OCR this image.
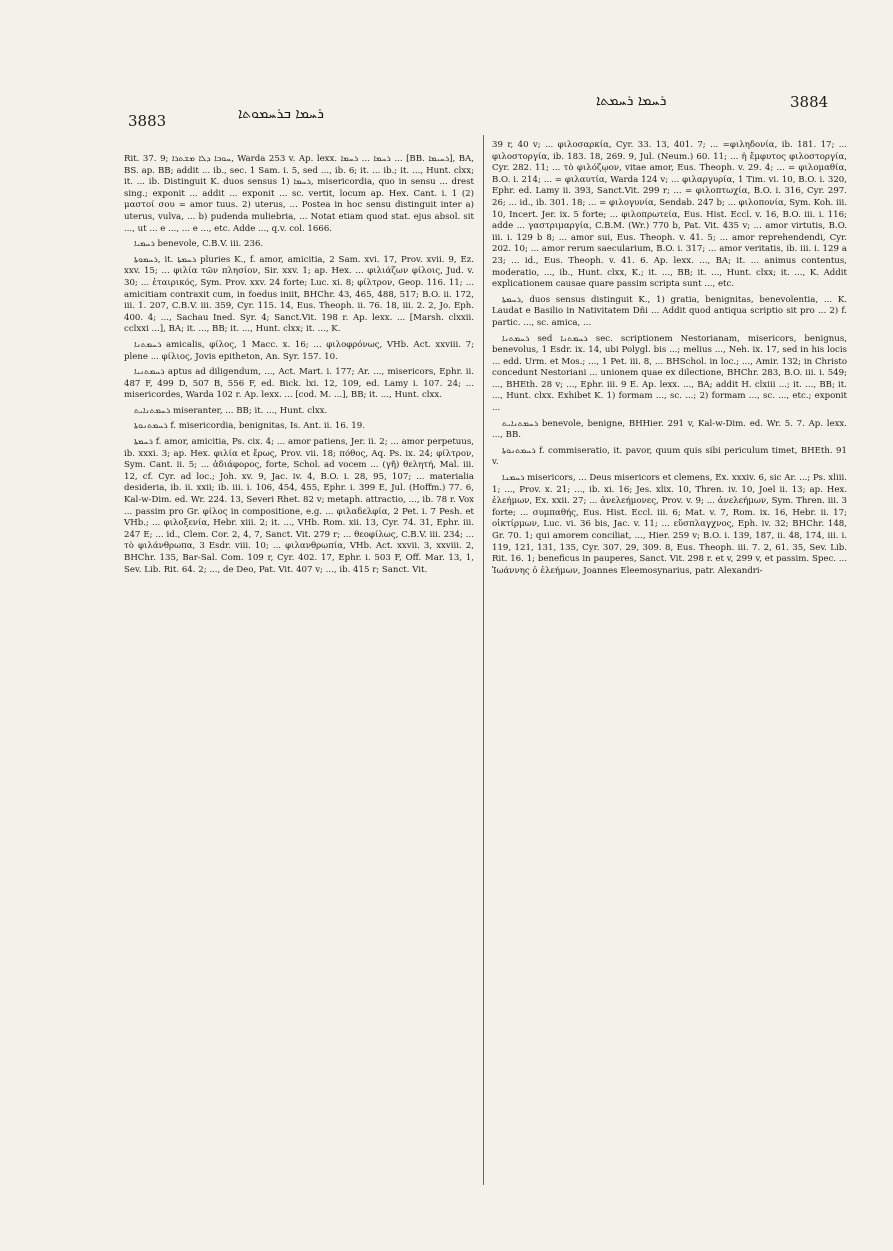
3883	ܪܚܡܐ ܒܪܚܡܘܬܐ
ܪܚܡܐ ܪܚܡܬܐ	3884

Rit. 37. 9; ܚܘܒܐ ܕܠܐ ܡܫܬܪܐ, Warda 253 v. Ap. lexx. ܪܚܡܐ ... ܪܚܡܐ ... [BB. ܪܚܝܡܐ], BA, BS. ap. BB; addit ... ib., sec. 1 Sam. i. 5, sed ..., ib. 6; it. ... ib.; it. ..., Hunt. clxx; it. ... ib. Distinguit K. duos sensus 1) ܪܚܡܐ, misericordia, quo in sensu ... drest sing.; exponit ... addit ... exponit ... sc. vertit, locum ap. Hex. Cant. i. 1 (2) μαστοί σου = amor tuus. 2) uterus, ... Postea in hoc sensu distinguit inter a) uterus, vulva, ... b) pudenda muliebria, ... Notat etiam quod stat. ejus absol. sit ..., ut ... e ..., ... e ..., etc. Adde ..., q.v. col. 1666.

ܪܚܡܝܐ benevole, C.B.V. iii. 236.

ܪܚܡܘܬܐ, it. ܪܚܡܬܐ pluries K., f. amor, amicitia, 2 Sam. xvi. 17, Prov. xvii. 9, Ez. xxv. 15; ... φιλία τῶν πλησίον, Sir. xxv. 1; ap. Hex. ... φιλιάζων φίλοις, Jud. v. 30; ... ἑταιρικός, Sym. Prov. xxv. 24 forte; Luc. xi. 8; φίλτρον, Geop. 116. 11; ... amicitiam contraxit cum, in foedus iniit, BHChr. 43, 465, 488, 517; B.O. ii. 172, iii. 1. 207, C.B.V. iii. 359, Cyr. 115. 14, Eus. Theoph. ii. 76. 18, iii. 2. 2, Jo. Eph. 400. 4; ..., Sachau Ined. Syr. 4; Sanct.Vit. 198 r. Ap. lexx. ... [Marsh. clxxii. cclxxi ...], BA; it. ..., BB; it. ..., Hunt. clxx; it. ..., K.

ܪܚܡܬܢܐ amicalis, φίλος, 1 Macc. x. 16; ... φιλοφρόνως, VHb. Act. xxviii. 7; plene ... φίλιος, Jovis epitheton, An. Syr. 157. 10.

ܪܚܡܬܢܝܐ aptus ad diligendum, ..., Act. Mart. i. 177; Ar. ..., misericors, Ephr. ii. 487 F, 499 D, 507 B, 556 F, ed. Bick. lxi. 12, 109, ed. Lamy i. 107. 24; ... misericordes, Warda 102 r. Ap. lexx. ... [cod. M. ...], BB; it. ..., Hunt. clxx.

ܪܚܡܬܢܐܝܬ miseranter, ... BB; it. ..., Hunt. clxx.

ܪܚܡܬܢܘܬܐ f. misericordia, benignitas, Is. Ant. ii. 16. 19.

ܪܚܡܬܐ f. amor, amicitia, Ps. cix. 4; ... amor patiens, Jer. ii. 2; ... amor perpetuus, ib. xxxi. 3; ap. Hex. φιλία et ἔρως, Prov. vii. 18; πόθος, Aq. Ps. ix. 24; φίλτρον, Sym. Cant. ii. 5; ... ἀδιάφορος, forte, Schol. ad vocem ... (γῆ) θελητή, Mal. iii. 12, cf. Cyr. ad loc.; Joh. xv. 9, Jac. iv. 4, B.O. i. 28, 95, 107; ... materialia desideria, ib. ii. xxii; ib. iii. i. 106, 454, 455, Ephr. i. 399 E, Jul. (Hoffm.) 77. 6, Kal-w-Dim. ed. Wr. 224. 13, Severi Rhet. 82 v; metaph. attractio, ..., ib. 78 r. Vox ... passim pro Gr. φίλος in compositione, e.g. ... φιλαδελφία, 2 Pet. i. 7 Pesh. et VHb.; ... φιλοξενία, Hebr. xiii. 2; it. ..., VHb. Rom. xii. 13, Cyr. 74. 31, Ephr. iii. 247 E; ... id., Clem. Cor. 2, 4, 7, Sanct. Vit. 279 r; ... θεοφίλως, C.B.V. iii. 234; ... τὸ φιλάνθρωπα, 3 Esdr. viii. 10; ... φιλανθρωπία, VHb. Act. xxvii. 3, xxviii. 2, BHChr. 135, Bar-Sal. Com. 109 r, Cyr. 402. 17, Ephr. i. 503 F, Off. Mar. 13, 1, Sev. Lib. Rit. 64. 2; ..., de Deo, Pat. Vit. 407 v; ..., ib. 415 r; Sanct. Vit.

39 r, 40 v; ... φιλοσαρκία, Cyr. 33. 13, 401. 7; ... =φιληδονία, ib. 181. 17; ... φιλοστοργία, ib. 183. 18, 269. 9, Jul. (Neum.) 60. 11; ... ἡ ἔμφυτος φιλοστοργία, Cyr. 282. 11; ... τὸ φιλόζῳον, vitae amor, Eus. Theoph. v. 29. 4; ... = φιλομαθία, B.O. i. 214; ... = φιλαυτία, Warda 124 v; ... φιλαργυρία, 1 Tim. vi. 10, B.O. i. 320, Ephr. ed. Lamy ii. 393, Sanct.Vit. 299 r; ... = φιλοπτωχία, B.O. i. 316, Cyr. 297. 26; ... id., ib. 301. 18; ... = φιλογυνία, Sendab. 247 b; ... φιλοπονία, Sym. Koh. iii. 10, Incert. Jer. ix. 5 forte; ... φιλοπρωτεία, Eus. Hist. Eccl. v. 16, B.O. iii. i. 116; adde ... γαστριμαργία, C.B.M. (Wr.) 770 b, Pat. Vit. 435 v; ... amor virtutis, B.O. iii. i. 129 b 8; ... amor sui, Eus. Theoph. v. 41. 5; ... amor reprehendendi, Cyr. 202. 10; ... amor rerum saecularium, B.O. i. 317; ... amor veritatis, ib. iii. i. 129 a 23; ... id., Eus. Theoph. v. 41. 6. Ap. lexx. ..., BA; it. ... animus contentus, moderatio, ..., ib., Hunt. clxx, K.; it. ..., BB; it. ..., Hunt. clxx; it. ..., K. Addit explicationem causae quare passim scripta sunt ..., etc.

ܪܚܡܬܐ, duos sensus distinguit K., 1) gratia, benignitas, benevolentia, ... K. Laudat e Basilio in Nativitatem Dñi ... Addit quod antiqua scriptio sit pro ... 2) f. partic. ..., sc. amica, ...

ܪܚܡܬܢܐ sed ܪܚܡܬܢܐ sec. scriptionem Nestorianam, misericors, benignus, benevolus, 1 Esdr. ix. 14, ubi Polygl. bis ...; melius ..., Neh. ix. 17, sed in his locis ... edd. Urm. et Mos.; ..., 1 Pet. iii. 8, ... BHSchol. in loc.; ..., Amir. 132; in Christo concedunt Nestoriani ... unionem quae ex dilectione, BHChr. 283, B.O. iii. i. 549; ..., BHEth. 28 v; ..., Ephr. iii. 9 E. Ap. lexx. ..., BA; addit H. clxiii ...; it. ..., BB; it. ..., Hunt. clxx. Exhibet K. 1) formam ..., sc. ...; 2) formam ..., sc. ..., etc.; exponit ...

ܪܚܡܬܢܐܝܬ benevole, benigne, BHHier. 291 v, Kal-w-Dim. ed. Wr. 5. 7. Ap. lexx. ..., BB.

ܪܚܡܬܢܘܬܐ f. commiseratio, it. pavor, quum quis sibi periculum timet, BHEth. 91 v.

ܪܚܡܢܐ misericors, ... Deus misericors et clemens, Ex. xxxiv. 6, sic Ar. ...; Ps. xliii. 1; ..., Prov. x. 21; ..., ib. xi. 16; Jes. xlix. 10, Thren. iv. 10, Joel ii. 13; ap. Hex. ἐλεήμων, Ex. xxii. 27; ... ἀνελεήμονες, Prov. v. 9; ... ἀνελεήμων, Sym. Thren. iii. 3 forte; ... συμπαθής, Eus. Hist. Eccl. iii. 6; Mat. v. 7, Rom. ix. 16, Hebr. ii. 17; οἰκτίρμων, Luc. vi. 36 bis, Jac. v. 11; ... εὔσπλαγχνος, Eph. iv. 32; BHChr. 148, Gr. 70. 1; qui amorem conciliat, ..., Hier. 259 v; B.O. i. 139, 187, ii. 48, 174, iii. i. 119, 121, 131, 135, Cyr. 307. 29, 309. 8, Eus. Theoph. iii. 7. 2, 61. 35, Sev. Lib. Rit. 16. 1; beneficus in pauperes, Sanct. Vit. 298 r. et v, 299 v, et passim. Spec. ... Ἰωάννης ὁ ἐλεήμων, Joannes Eleemosynarius, patr. Alexandri-
